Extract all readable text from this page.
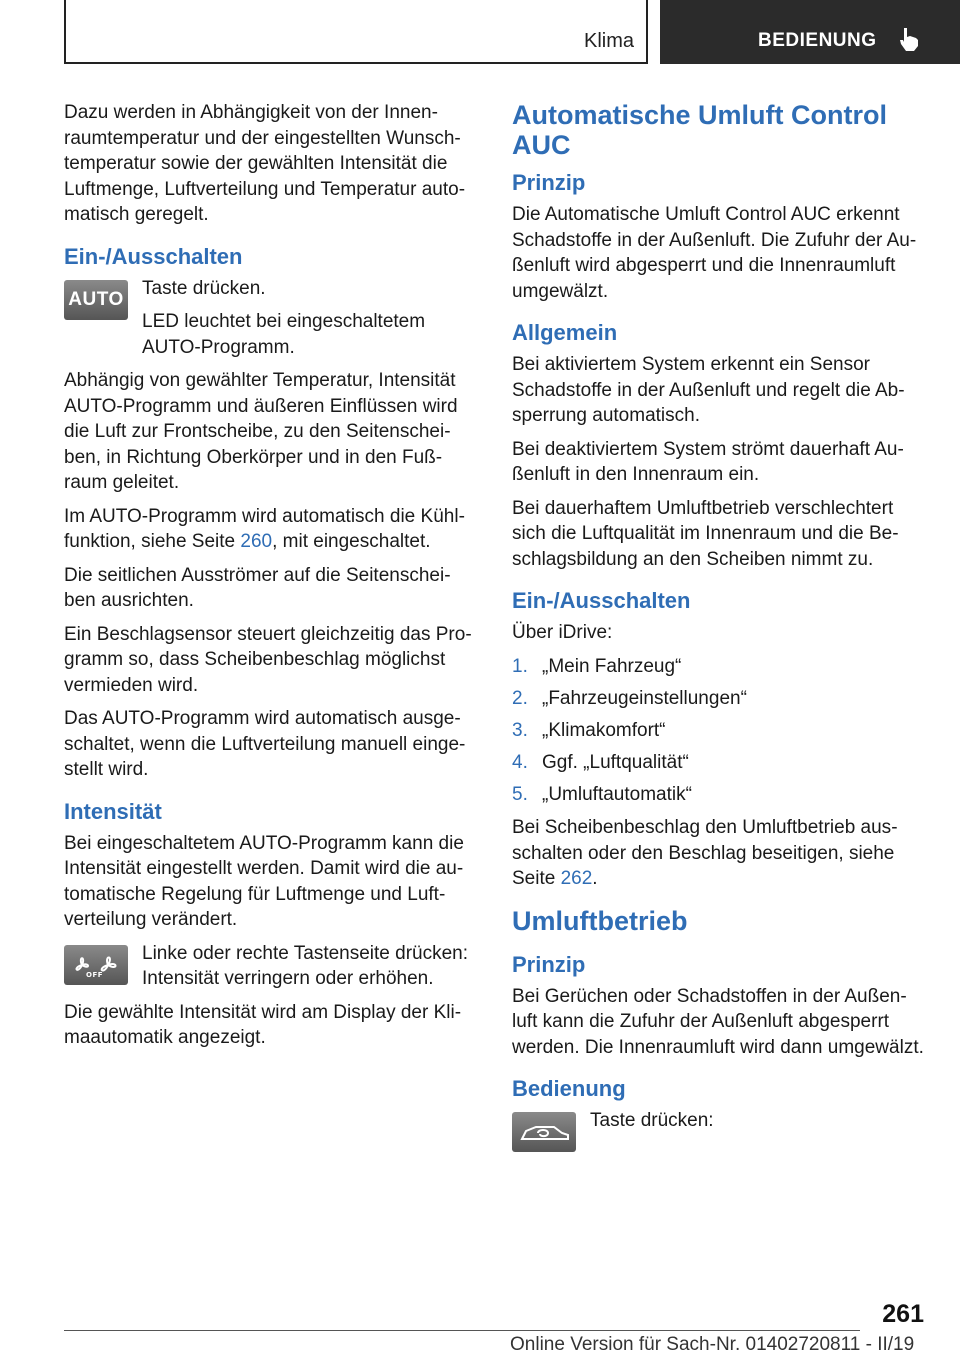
Klima	BEDIENUNG

Dazu werden in Abhängigkeit von der Innenraumtemperatur und der eingestellten Wunschtemperatur sowie der gewählten Intensität die Luftmenge, Luftverteilung und Temperatur automatisch geregelt.

Ein-/Ausschalten
AUTO

Taste drücken.

LED leuchtet bei eingeschaltetem AUTO-Programm.

Abhängig von gewählter Temperatur, Intensität AUTO-Programm und äußeren Einflüssen wird die Luft zur Frontscheibe, zu den Seitenscheiben, in Richtung Oberkörper und in den Fußraum geleitet.

Im AUTO-Programm wird automatisch die Kühlfunktion, siehe Seite 260, mit eingeschaltet.

Die seitlichen Ausströmer auf die Seitenscheiben ausrichten.

Ein Beschlagsensor steuert gleichzeitig das Programm so, dass Scheibenbeschlag möglichst vermieden wird.

Das AUTO-Programm wird automatisch ausgeschaltet, wenn die Luftverteilung manuell eingestellt wird.

Intensität

Bei eingeschaltetem AUTO-Programm kann die Intensität eingestellt werden. Damit wird die automatische Regelung für Luftmenge und Luftverteilung verändert.

OFF

Linke oder rechte Tastenseite drücken: Intensität verringern oder erhöhen.

Die gewählte Intensität wird am Display der Klimaautomatik angezeigt.

Automatische Umluft Control AUC
Prinzip

Die Automatische Umluft Control AUC erkennt Schadstoffe in der Außenluft. Die Zufuhr der Außenluft wird abgesperrt und die Innenraumluft umgewälzt.

Allgemein

Bei aktiviertem System erkennt ein Sensor Schadstoffe in der Außenluft und regelt die Absperrung automatisch.

Bei deaktiviertem System strömt dauerhaft Außenluft in den Innenraum ein.

Bei dauerhaftem Umluftbetrieb verschlechtert sich die Luftqualität im Innenraum und die Beschlagsbildung an den Scheiben nimmt zu.

Ein-/Ausschalten

Über iDrive:

1. „Mein Fahrzeug“
2. „Fahrzeugeinstellungen“
3. „Klimakomfort“
4. Ggf. „Luftqualität“
5. „Umluftautomatik“

Bei Scheibenbeschlag den Umluftbetrieb ausschalten oder den Beschlag beseitigen, siehe Seite 262.

Umluftbetrieb
Prinzip

Bei Gerüchen oder Schadstoffen in der Außenluft kann die Zufuhr der Außenluft abgesperrt werden. Die Innenraumluft wird dann umgewälzt.

Bedienung

Taste drücken:

261
Online Version für Sach-Nr. 01402720811 - II/19
